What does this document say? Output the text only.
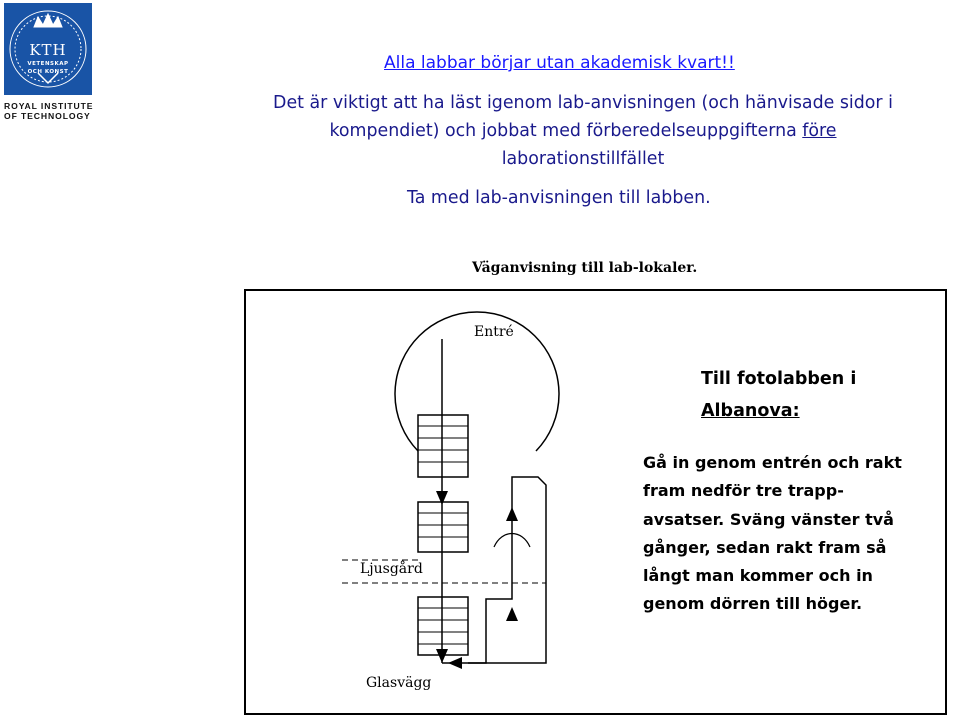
KTH
VETENSKAP
OCH KONST
ROYAL INSTITUTE
OF TECHNOLOGY
Alla labbar börjar utan akademisk kvart!!
Det är viktigt att ha läst igenom lab-anvisningen (och hänvisade sidor i
kompendiet) och jobbat med förberedelseuppgifterna före
laborationstillfället
Ta med lab-anvisningen till labben.
Väganvisning till lab-lokaler.
Entré
Ljusgård
Glasvägg
Till fotolabben i
Albanova:
Gå in genom entrén och rakt
fram nedför tre trapp-
avsatser. Sväng vänster två
gånger, sedan rakt fram så
långt man kommer och in
genom dörren till höger.
